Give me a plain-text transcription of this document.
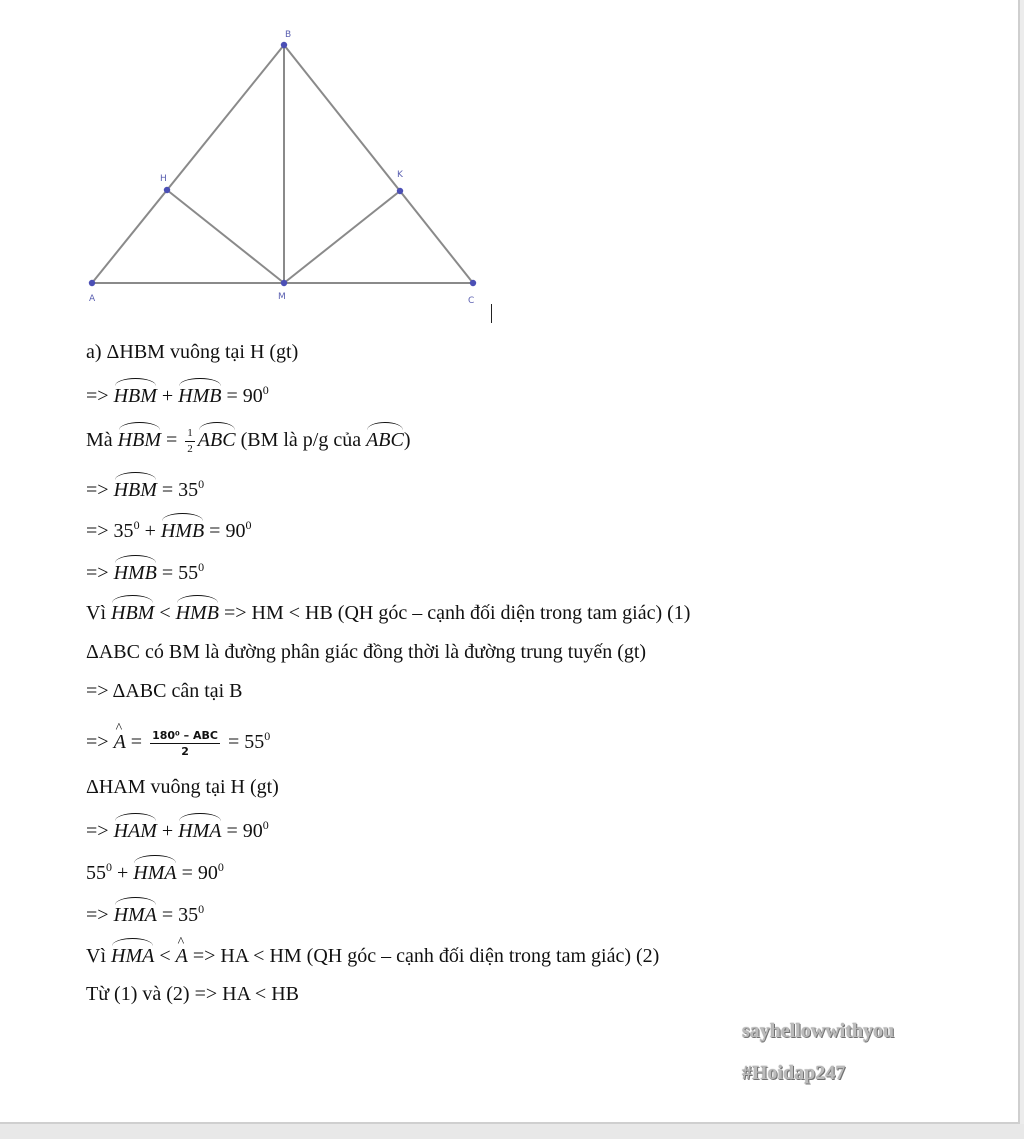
B
H	K
A	M	C
a) ΔHBM vuông tại H (gt)
=> HBM + HMB = $90^0$
Mà HBM = $\frac{1}{2}$ ABC (BM là p/g của ABC)
=> HBM = $35^0$
=> $35^0$ + HMB = $90^0$
=> HMB = $55^0$
Vì HBM < HMB => HM < HB (QH góc – cạnh đối diện trong tam giác) (1)
ΔABC có BM là đường phân giác đồng thời là đường trung tuyến (gt)
=> ΔABC cân tại B
=> ^ $A = \frac{\text{180⁰ – ABC}}{2} = 55^0$
ΔHAM vuông tại H (gt)
=> HAM + HMA = $90^0$
$55^0$ + HMA = $90^0$
=> HMA = $35^0$
Vì HMA < ^ A => HA < HM (QH góc – cạnh đối diện trong tam giác) (2)
Từ (1) và (2) => HA < HB
sayhellowwithyou
#Hoidap247
